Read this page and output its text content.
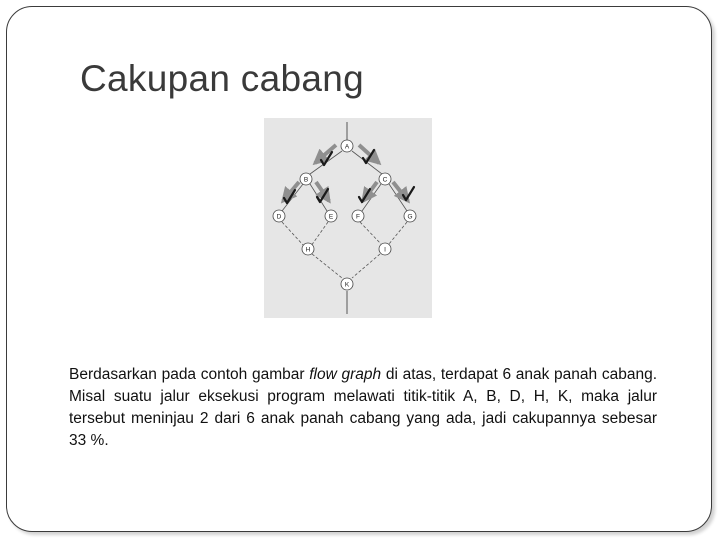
Cakupan cabang
A
B	C
D	E	F	G
H	I
K

Berdasarkan pada contoh gambar flow graph di atas, terdapat 6 anak panah cabang. Misal suatu jalur eksekusi program melawati titik-titik A, B, D, H, K, maka jalur tersebut meninjau 2 dari 6 anak panah cabang yang ada, jadi cakupannya sebesar 33 %.
